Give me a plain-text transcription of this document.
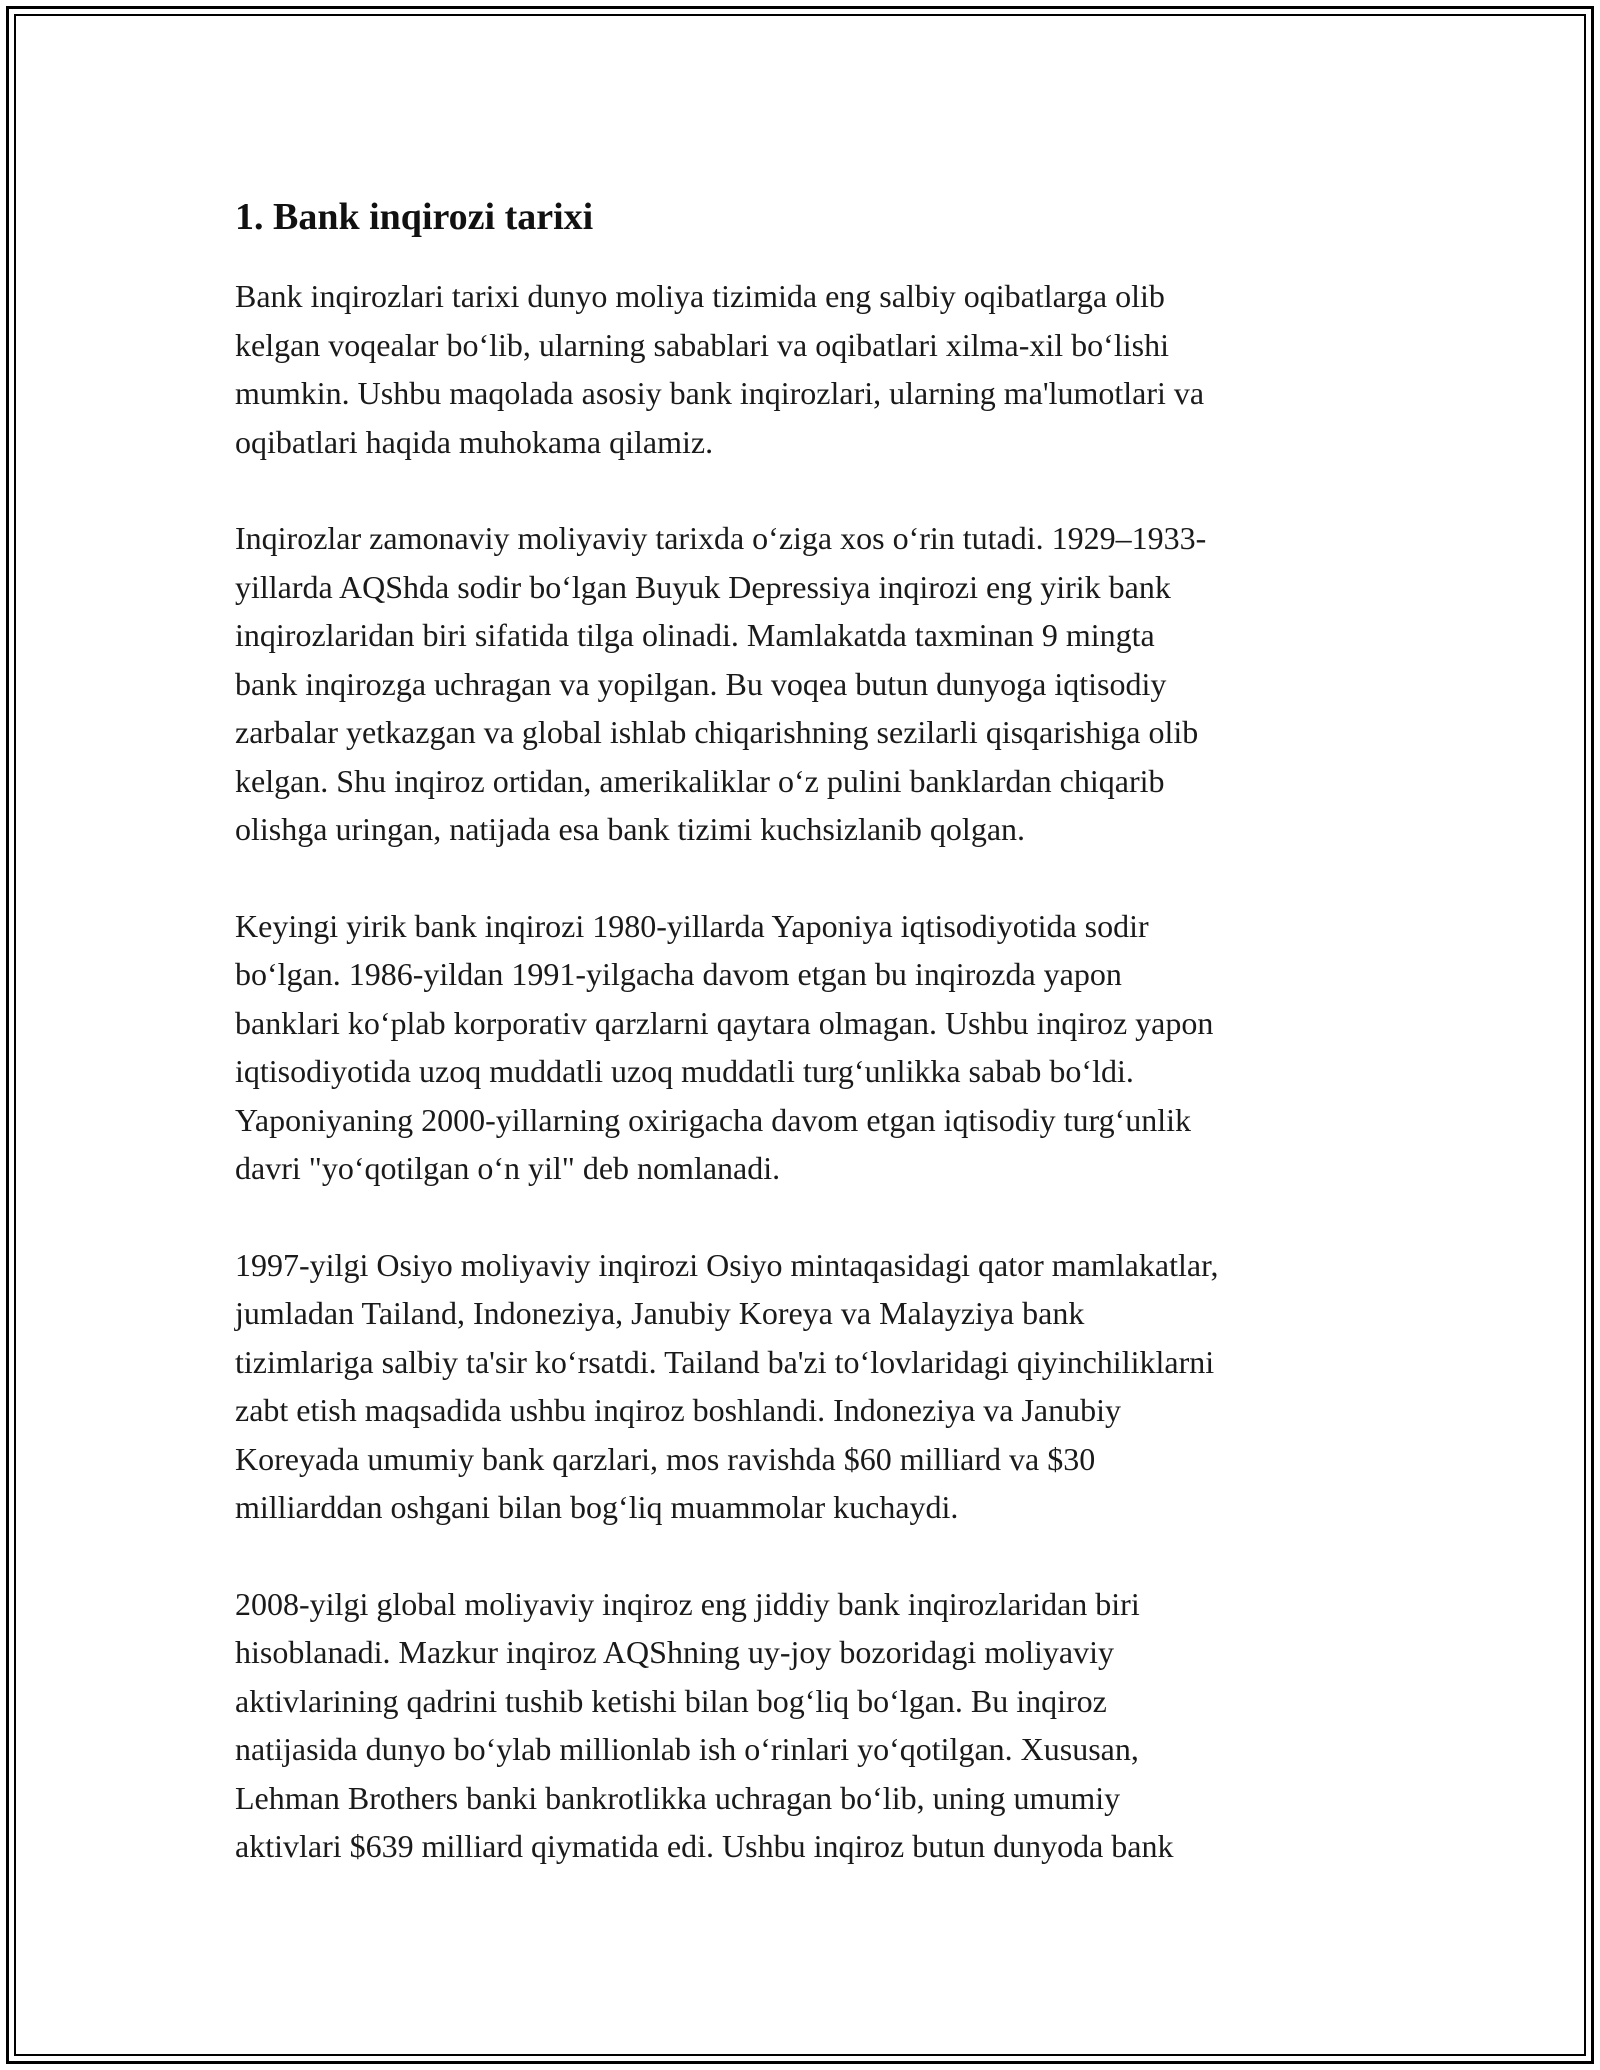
1. Bank inqirozi tarixi

Bank inqirozlari tarixi dunyo moliya tizimida eng salbiy oqibatlarga olib
kelgan voqealar bo‘lib, ularning sabablari va oqibatlari xilma-xil bo‘lishi
mumkin. Ushbu maqolada asosiy bank inqirozlari, ularning ma'lumotlari va
oqibatlari haqida muhokama qilamiz.

Inqirozlar zamonaviy moliyaviy tarixda o‘ziga xos o‘rin tutadi. 1929–1933-
yillarda AQShda sodir bo‘lgan Buyuk Depressiya inqirozi eng yirik bank
inqirozlaridan biri sifatida tilga olinadi. Mamlakatda taxminan 9 mingta
bank inqirozga uchragan va yopilgan. Bu voqea butun dunyoga iqtisodiy
zarbalar yetkazgan va global ishlab chiqarishning sezilarli qisqarishiga olib
kelgan. Shu inqiroz ortidan, amerikaliklar o‘z pulini banklardan chiqarib
olishga uringan, natijada esa bank tizimi kuchsizlanib qolgan.

Keyingi yirik bank inqirozi 1980-yillarda Yaponiya iqtisodiyotida sodir
bo‘lgan. 1986-yildan 1991-yilgacha davom etgan bu inqirozda yapon
banklari ko‘plab korporativ qarzlarni qaytara olmagan. Ushbu inqiroz yapon
iqtisodiyotida uzoq muddatli uzoq muddatli turg‘unlikka sabab bo‘ldi.
Yaponiyaning 2000-yillarning oxirigacha davom etgan iqtisodiy turg‘unlik
davri "yo‘qotilgan o‘n yil" deb nomlanadi.

1997-yilgi Osiyo moliyaviy inqirozi Osiyo mintaqasidagi qator mamlakatlar,
jumladan Tailand, Indoneziya, Janubiy Koreya va Malayziya bank
tizimlariga salbiy ta'sir ko‘rsatdi. Tailand ba'zi to‘lovlaridagi qiyinchiliklarni
zabt etish maqsadida ushbu inqiroz boshlandi. Indoneziya va Janubiy
Koreyada umumiy bank qarzlari, mos ravishda $60 milliard va $30
milliarddan oshgani bilan bog‘liq muammolar kuchaydi.

2008-yilgi global moliyaviy inqiroz eng jiddiy bank inqirozlaridan biri
hisoblanadi. Mazkur inqiroz AQShning uy-joy bozoridagi moliyaviy
aktivlarining qadrini tushib ketishi bilan bog‘liq bo‘lgan. Bu inqiroz
natijasida dunyo bo‘ylab millionlab ish o‘rinlari yo‘qotilgan. Xususan,
Lehman Brothers banki bankrotlikka uchragan bo‘lib, uning umumiy
aktivlari $639 milliard qiymatida edi. Ushbu inqiroz butun dunyoda bank
